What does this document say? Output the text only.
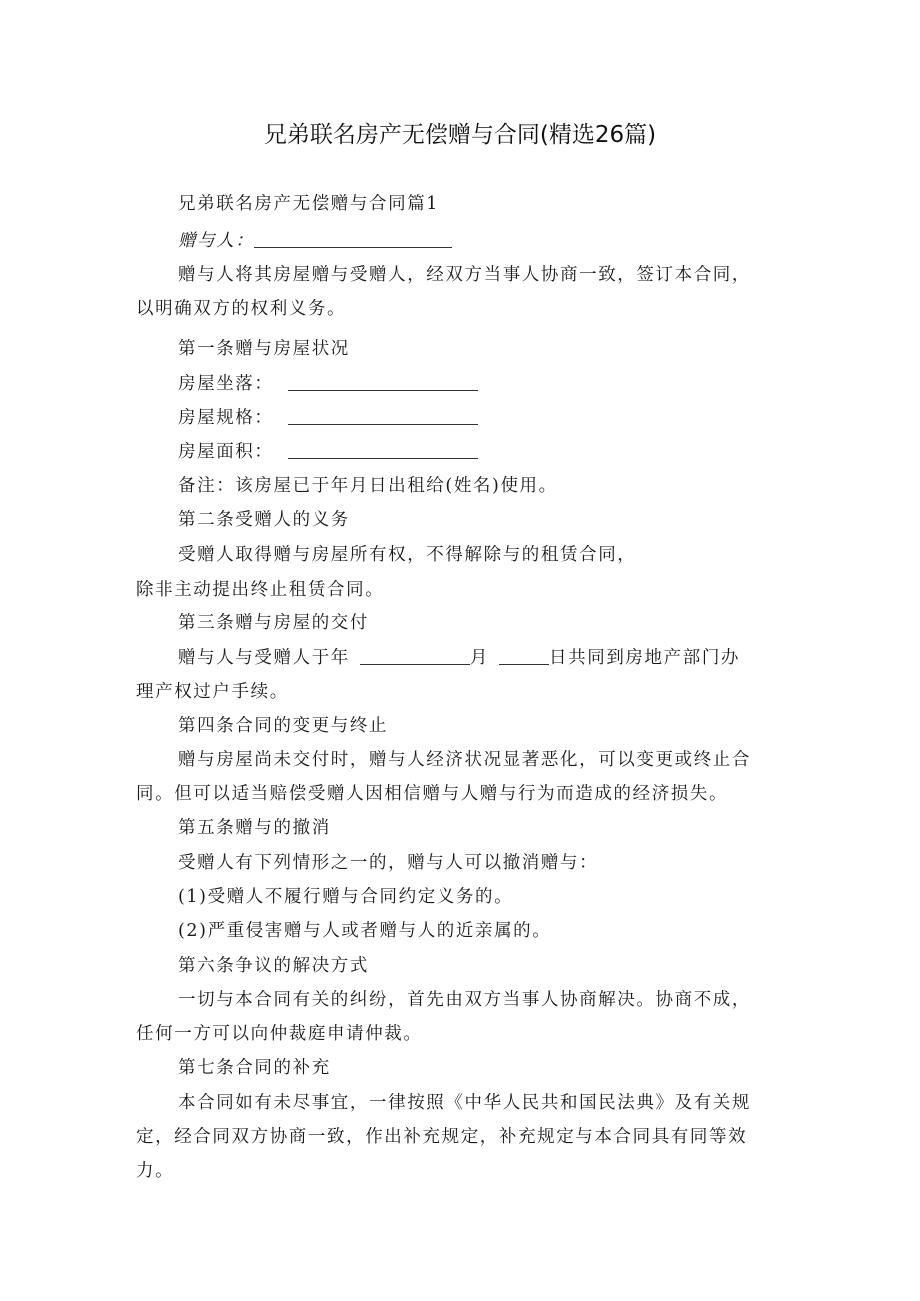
兄弟联名房产无偿赠与合同(精选26篇)
兄弟联名房产无偿赠与合同篇1
赠与人：
赠与人将其房屋赠与受赠人，经双方当事人协商一致，签订本合同，
以明确双方的权利义务。
第一条赠与房屋状况
房屋坐落：
房屋规格：
房屋面积：
备注：该房屋已于年月日出租给(姓名)使用。
第二条受赠人的义务
受赠人取得赠与房屋所有权，不得解除与的租赁合同，
除非主动提出终止租赁合同。
第三条赠与房屋的交付
赠与人与受赠人于年	月	日共同到房地产部门办
理产权过户手续。
第四条合同的变更与终止
赠与房屋尚未交付时，赠与人经济状况显著恶化，可以变更或终止合
同。但可以适当赔偿受赠人因相信赠与人赠与行为而造成的经济损失。
第五条赠与的撤消
受赠人有下列情形之一的，赠与人可以撤消赠与：
(1)受赠人不履行赠与合同约定义务的。
(2)严重侵害赠与人或者赠与人的近亲属的。
第六条争议的解决方式
一切与本合同有关的纠纷，首先由双方当事人协商解决。协商不成，
任何一方可以向仲裁庭申请仲裁。
第七条合同的补充
本合同如有未尽事宜，一律按照《中华人民共和国民法典》及有关规
定，经合同双方协商一致，作出补充规定，补充规定与本合同具有同等效
力。
